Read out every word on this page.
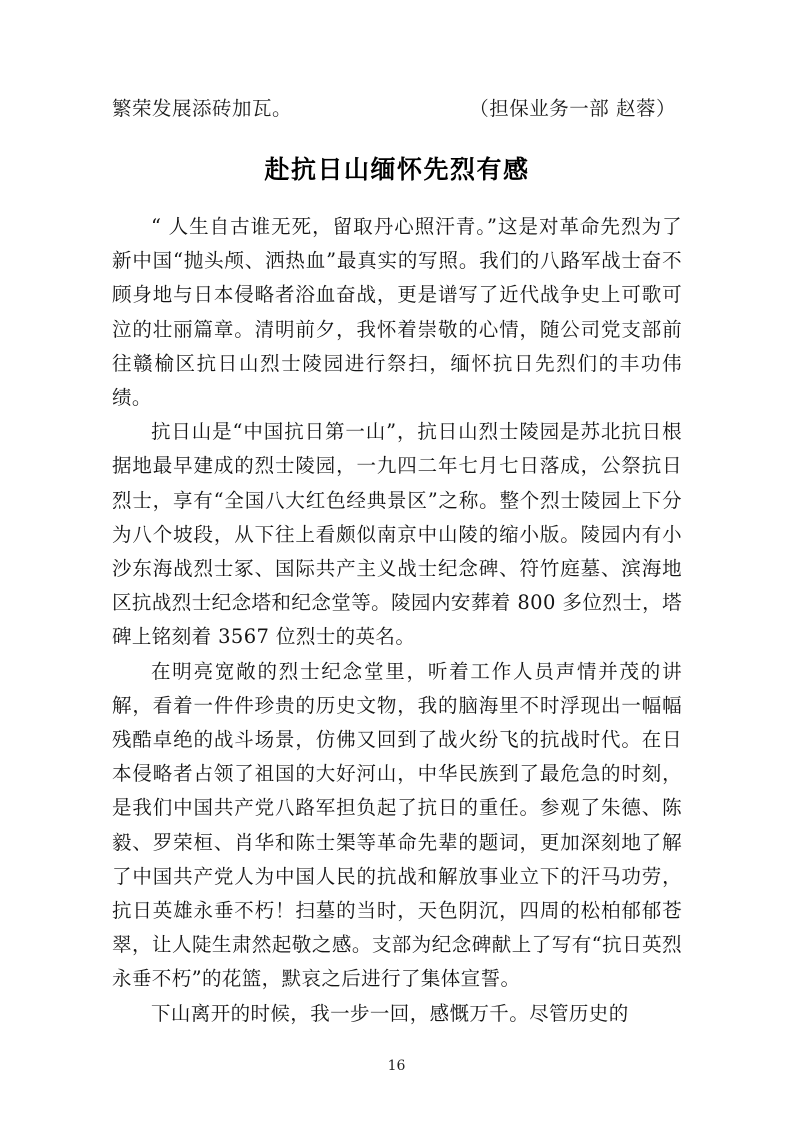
繁荣发展添砖加瓦。	（担保业务一部 赵蓉）
赴抗日山缅怀先烈有感

“ 人生自古谁无死，留取丹心照汗青。”这是对革命先烈为了新中国“抛头颅、洒热血”最真实的写照。我们的八路军战士奋不顾身地与日本侵略者浴血奋战，更是谱写了近代战争史上可歌可泣的壮丽篇章。清明前夕，我怀着崇敬的心情，随公司党支部前往赣榆区抗日山烈士陵园进行祭扫，缅怀抗日先烈们的丰功伟绩。

抗日山是“中国抗日第一山”，抗日山烈士陵园是苏北抗日根据地最早建成的烈士陵园，一九四二年七月七日落成，公祭抗日烈士，享有“全国八大红色经典景区”之称。整个烈士陵园上下分为八个坡段，从下往上看颇似南京中山陵的缩小版。陵园内有小沙东海战烈士冢、国际共产主义战士纪念碑、符竹庭墓、滨海地区抗战烈士纪念塔和纪念堂等。陵园内安葬着 800 多位烈士，塔碑上铭刻着 3567 位烈士的英名。

在明亮宽敞的烈士纪念堂里，听着工作人员声情并茂的讲解，看着一件件珍贵的历史文物，我的脑海里不时浮现出一幅幅残酷卓绝的战斗场景，仿佛又回到了战火纷飞的抗战时代。在日本侵略者占领了祖国的大好河山，中华民族到了最危急的时刻，是我们中国共产党八路军担负起了抗日的重任。参观了朱德、陈毅、罗荣桓、肖华和陈士榘等革命先辈的题词，更加深刻地了解了中国共产党人为中国人民的抗战和解放事业立下的汗马功劳，抗日英雄永垂不朽！扫墓的当时，天色阴沉，四周的松柏郁郁苍翠，让人陡生肃然起敬之感。支部为纪念碑献上了写有“抗日英烈永垂不朽”的花篮，默哀之后进行了集体宣誓。

下山离开的时候，我一步一回，感慨万千。尽管历史的

16
